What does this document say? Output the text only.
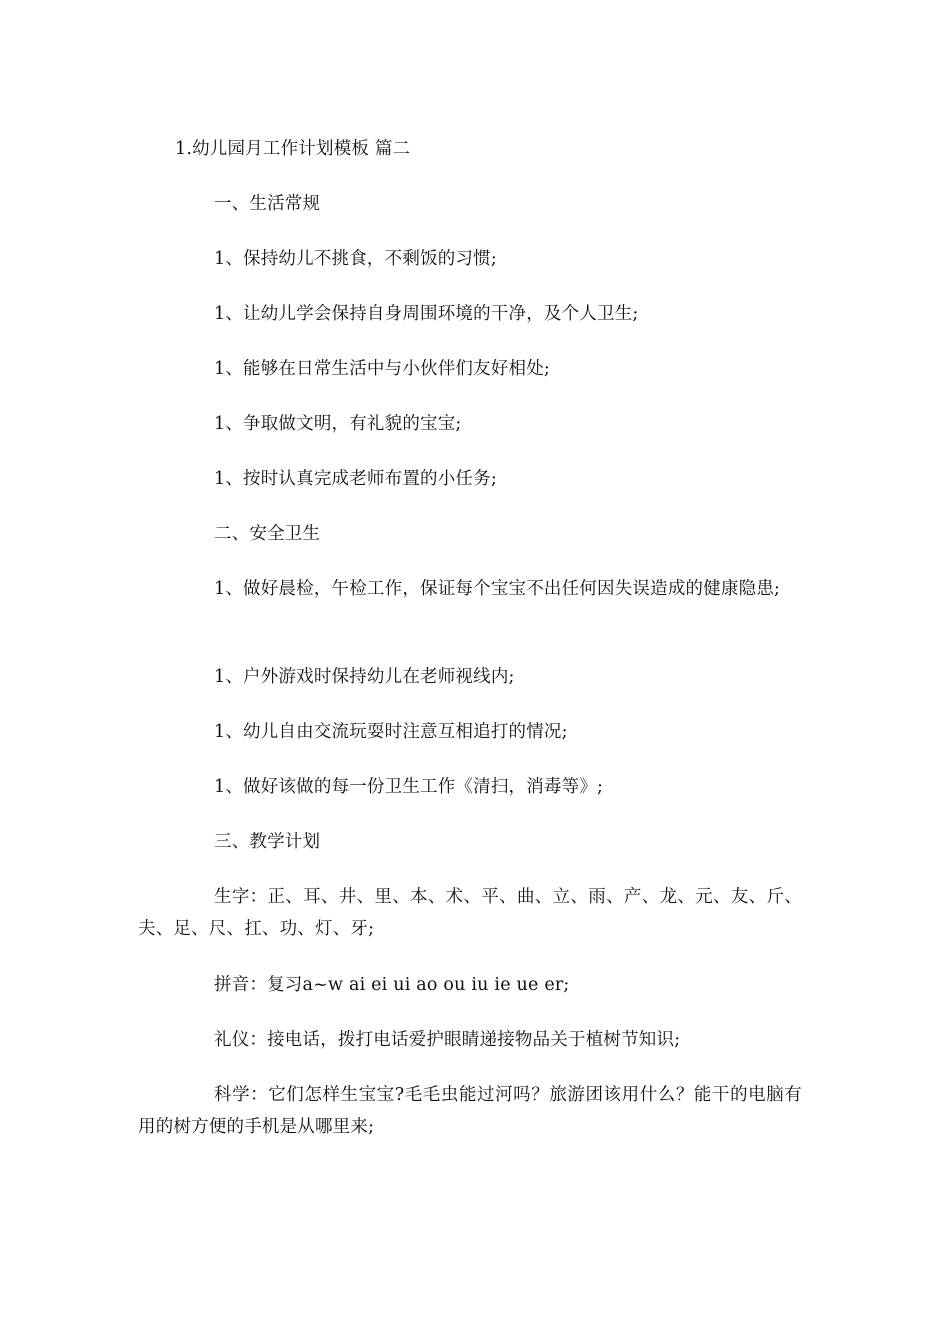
1.幼儿园月工作计划模板 篇二
一、生活常规
1、保持幼儿不挑食，不剩饭的习惯;
1、让幼儿学会保持自身周围环境的干净，及个人卫生;
1、能够在日常生活中与小伙伴们友好相处;
1、争取做文明，有礼貌的宝宝;
1、按时认真完成老师布置的小任务;
二、安全卫生
1、做好晨检，午检工作，保证每个宝宝不出任何因失误造成的健康隐患;
1、户外游戏时保持幼儿在老师视线内;
1、幼儿自由交流玩耍时注意互相追打的情况;
1、做好该做的每一份卫生工作《清扫，消毒等》;
三、教学计划
生字：正、耳、井、里、本、术、平、曲、立、雨、产、龙、元、友、斤、夫、足、尺、扛、功、灯、牙;
拼音：复习a~w ai ei ui ao ou iu ie ue er;
礼仪：接电话，拨打电话爱护眼睛递接物品关于植树节知识;
科学：它们怎样生宝宝?毛毛虫能过河吗？旅游团该用什么？能干的电脑有用的树方便的手机是从哪里来;
